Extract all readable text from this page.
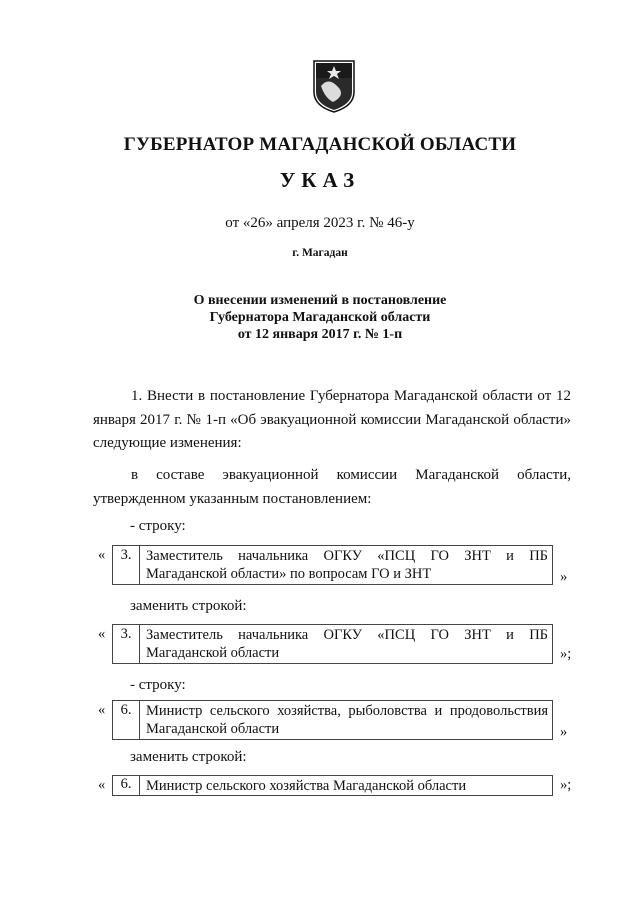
ГУБЕРНАТОР МАГАДАНСКОЙ ОБЛАСТИ
УКАЗ
от «26» апреля 2023 г. № 46-у
г. Магадан
О внесении изменений в постановление
Губернатора Магаданской области
от 12 января 2017 г. № 1-п
1. Внести в постановление Губернатора Магаданской области от 12 января 2017 г. № 1-п «Об эвакуационной комиссии Магаданской области» следующие изменения:
в составе эвакуационной комиссии Магаданской области, утвержденном указанным постановлением:
- строку:
«	3.	Заместитель начальника ОГКУ «ПСЦ ГО ЗНТ и ПБ Магаданской области» по вопросам ГО и ЗНТ	»
заменить строкой:
«	3.	Заместитель начальника ОГКУ «ПСЦ ГО ЗНТ и ПБ Магаданской области	»;
- строку:
«	6.	Министр сельского хозяйства, рыболовства и продовольствия Магаданской области	»
заменить строкой:
«	6.	Министр сельского хозяйства Магаданской области	»;
